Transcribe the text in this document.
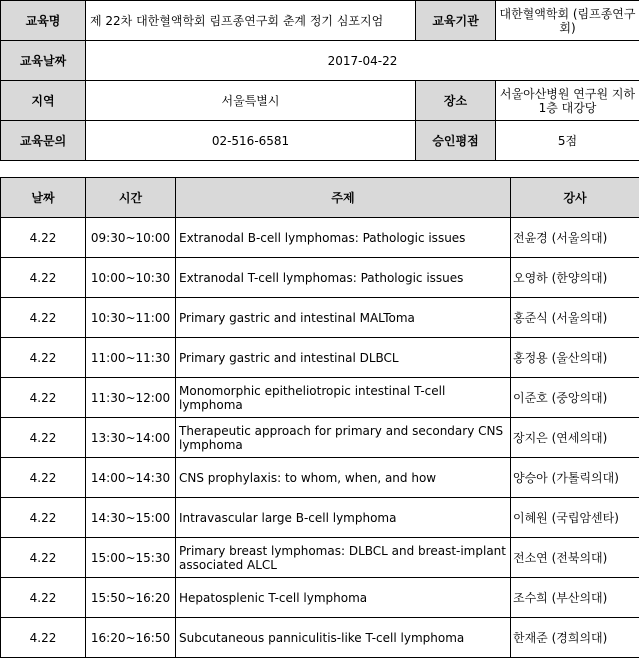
교육명	제 22차 대한혈액학회 림프종연구회 춘계 정기 심포지엄	교육기관	대한혈액학회 (림프종연구회)
교육날짜	2017-04-22		
지역	서울특별시	장소	서울아산병원 연구원 지하 1층 대강당
교육문의	02-516-6581	승인평점	5점
날짜	시간	주제	강사
4.22	09:30~10:00	Extranodal B-cell lymphomas: Pathologic issues	전윤경 (서울의대)
4.22	10:00~10:30	Extranodal T-cell lymphomas: Pathologic issues	오영하 (한양의대)
4.22	10:30~11:00	Primary gastric and intestinal MALToma	홍준식 (서울의대)
4.22	11:00~11:30	Primary gastric and intestinal DLBCL	홍정용 (울산의대)
4.22	11:30~12:00	Monomorphic epitheliotropic intestinal T-cell lymphoma	이준호 (중앙의대)
4.22	13:30~14:00	Therapeutic approach for primary and secondary CNS lymphoma	장지은 (연세의대)
4.22	14:00~14:30	CNS prophylaxis: to whom, when, and how	양승아 (가톨릭의대)
4.22	14:30~15:00	Intravascular large B-cell lymphoma	이혜원 (국립암센타)
4.22	15:00~15:30	Primary breast lymphomas: DLBCL and breast-implant associated ALCL	전소연 (전북의대)
4.22	15:50~16:20	Hepatosplenic T-cell lymphoma	조수희 (부산의대)
4.22	16:20~16:50	Subcutaneous panniculitis-like T-cell lymphoma	한재준 (경희의대)
